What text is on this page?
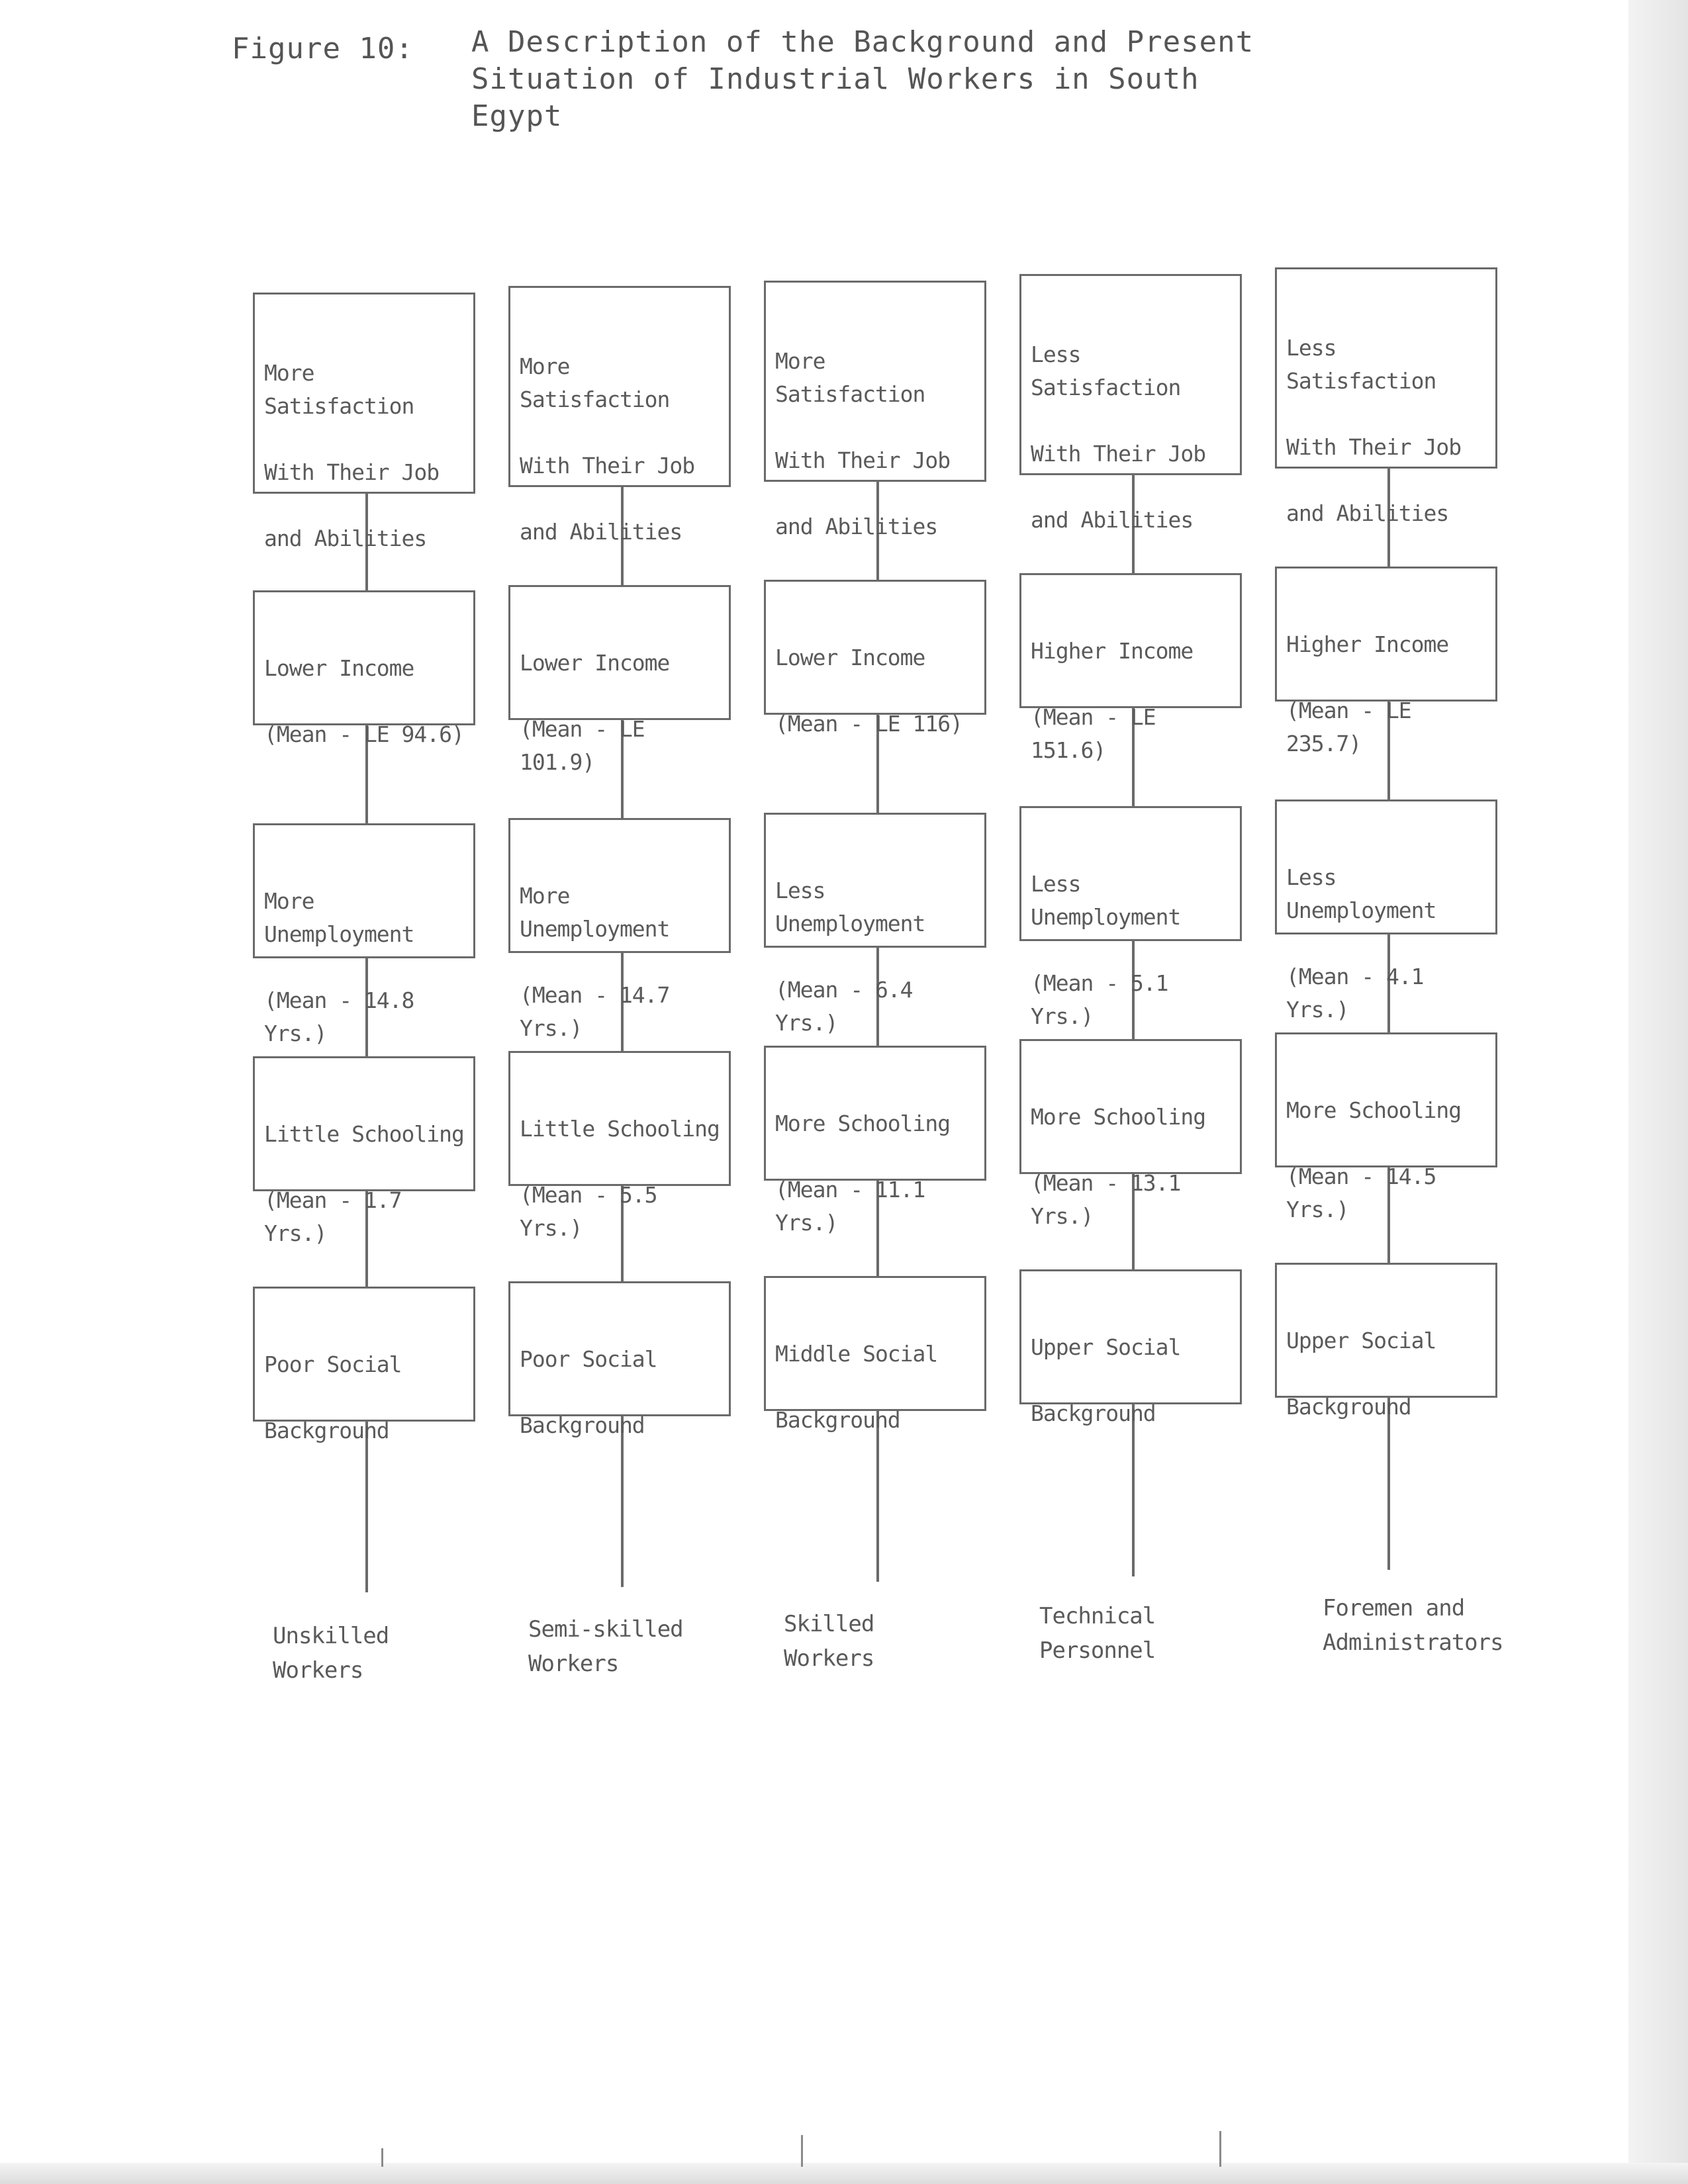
Figure 10: A Description of the Background and Present
Situation of Industrial Workers in South
Egypt

More Satisfaction

With Their Job

and Abilities

Lower Income

(Mean - LE 94.6)

More Unemployment

(Mean - 14.8 Yrs.)

Little Schooling

(Mean - 1.7 Yrs.)

Poor Social

Background

Unskilled
Workers

More Satisfaction

With Their Job

and Abilities

Lower Income

(Mean - LE 101.9)

More Unemployment

(Mean - 14.7 Yrs.)

Little Schooling

(Mean - 5.5 Yrs.)

Poor Social

Background

Semi-skilled
Workers

More Satisfaction

With Their Job

and Abilities

Lower Income

(Mean - LE 116)

Less Unemployment

(Mean - 6.4 Yrs.)

More Schooling

(Mean - 11.1 Yrs.)

Middle Social

Background

Skilled
Workers

Less Satisfaction

With Their Job

and Abilities

Higher Income

(Mean - LE 151.6)

Less Unemployment

(Mean - 5.1 Yrs.)

More Schooling

(Mean - 13.1 Yrs.)

Upper Social

Background

Technical
Personnel

Less Satisfaction

With Their Job

and Abilities

Higher Income

(Mean - LE 235.7)

Less Unemployment

(Mean - 4.1 Yrs.)

More Schooling

(Mean - 14.5 Yrs.)

Upper Social

Background

Foremen and
Administrators
